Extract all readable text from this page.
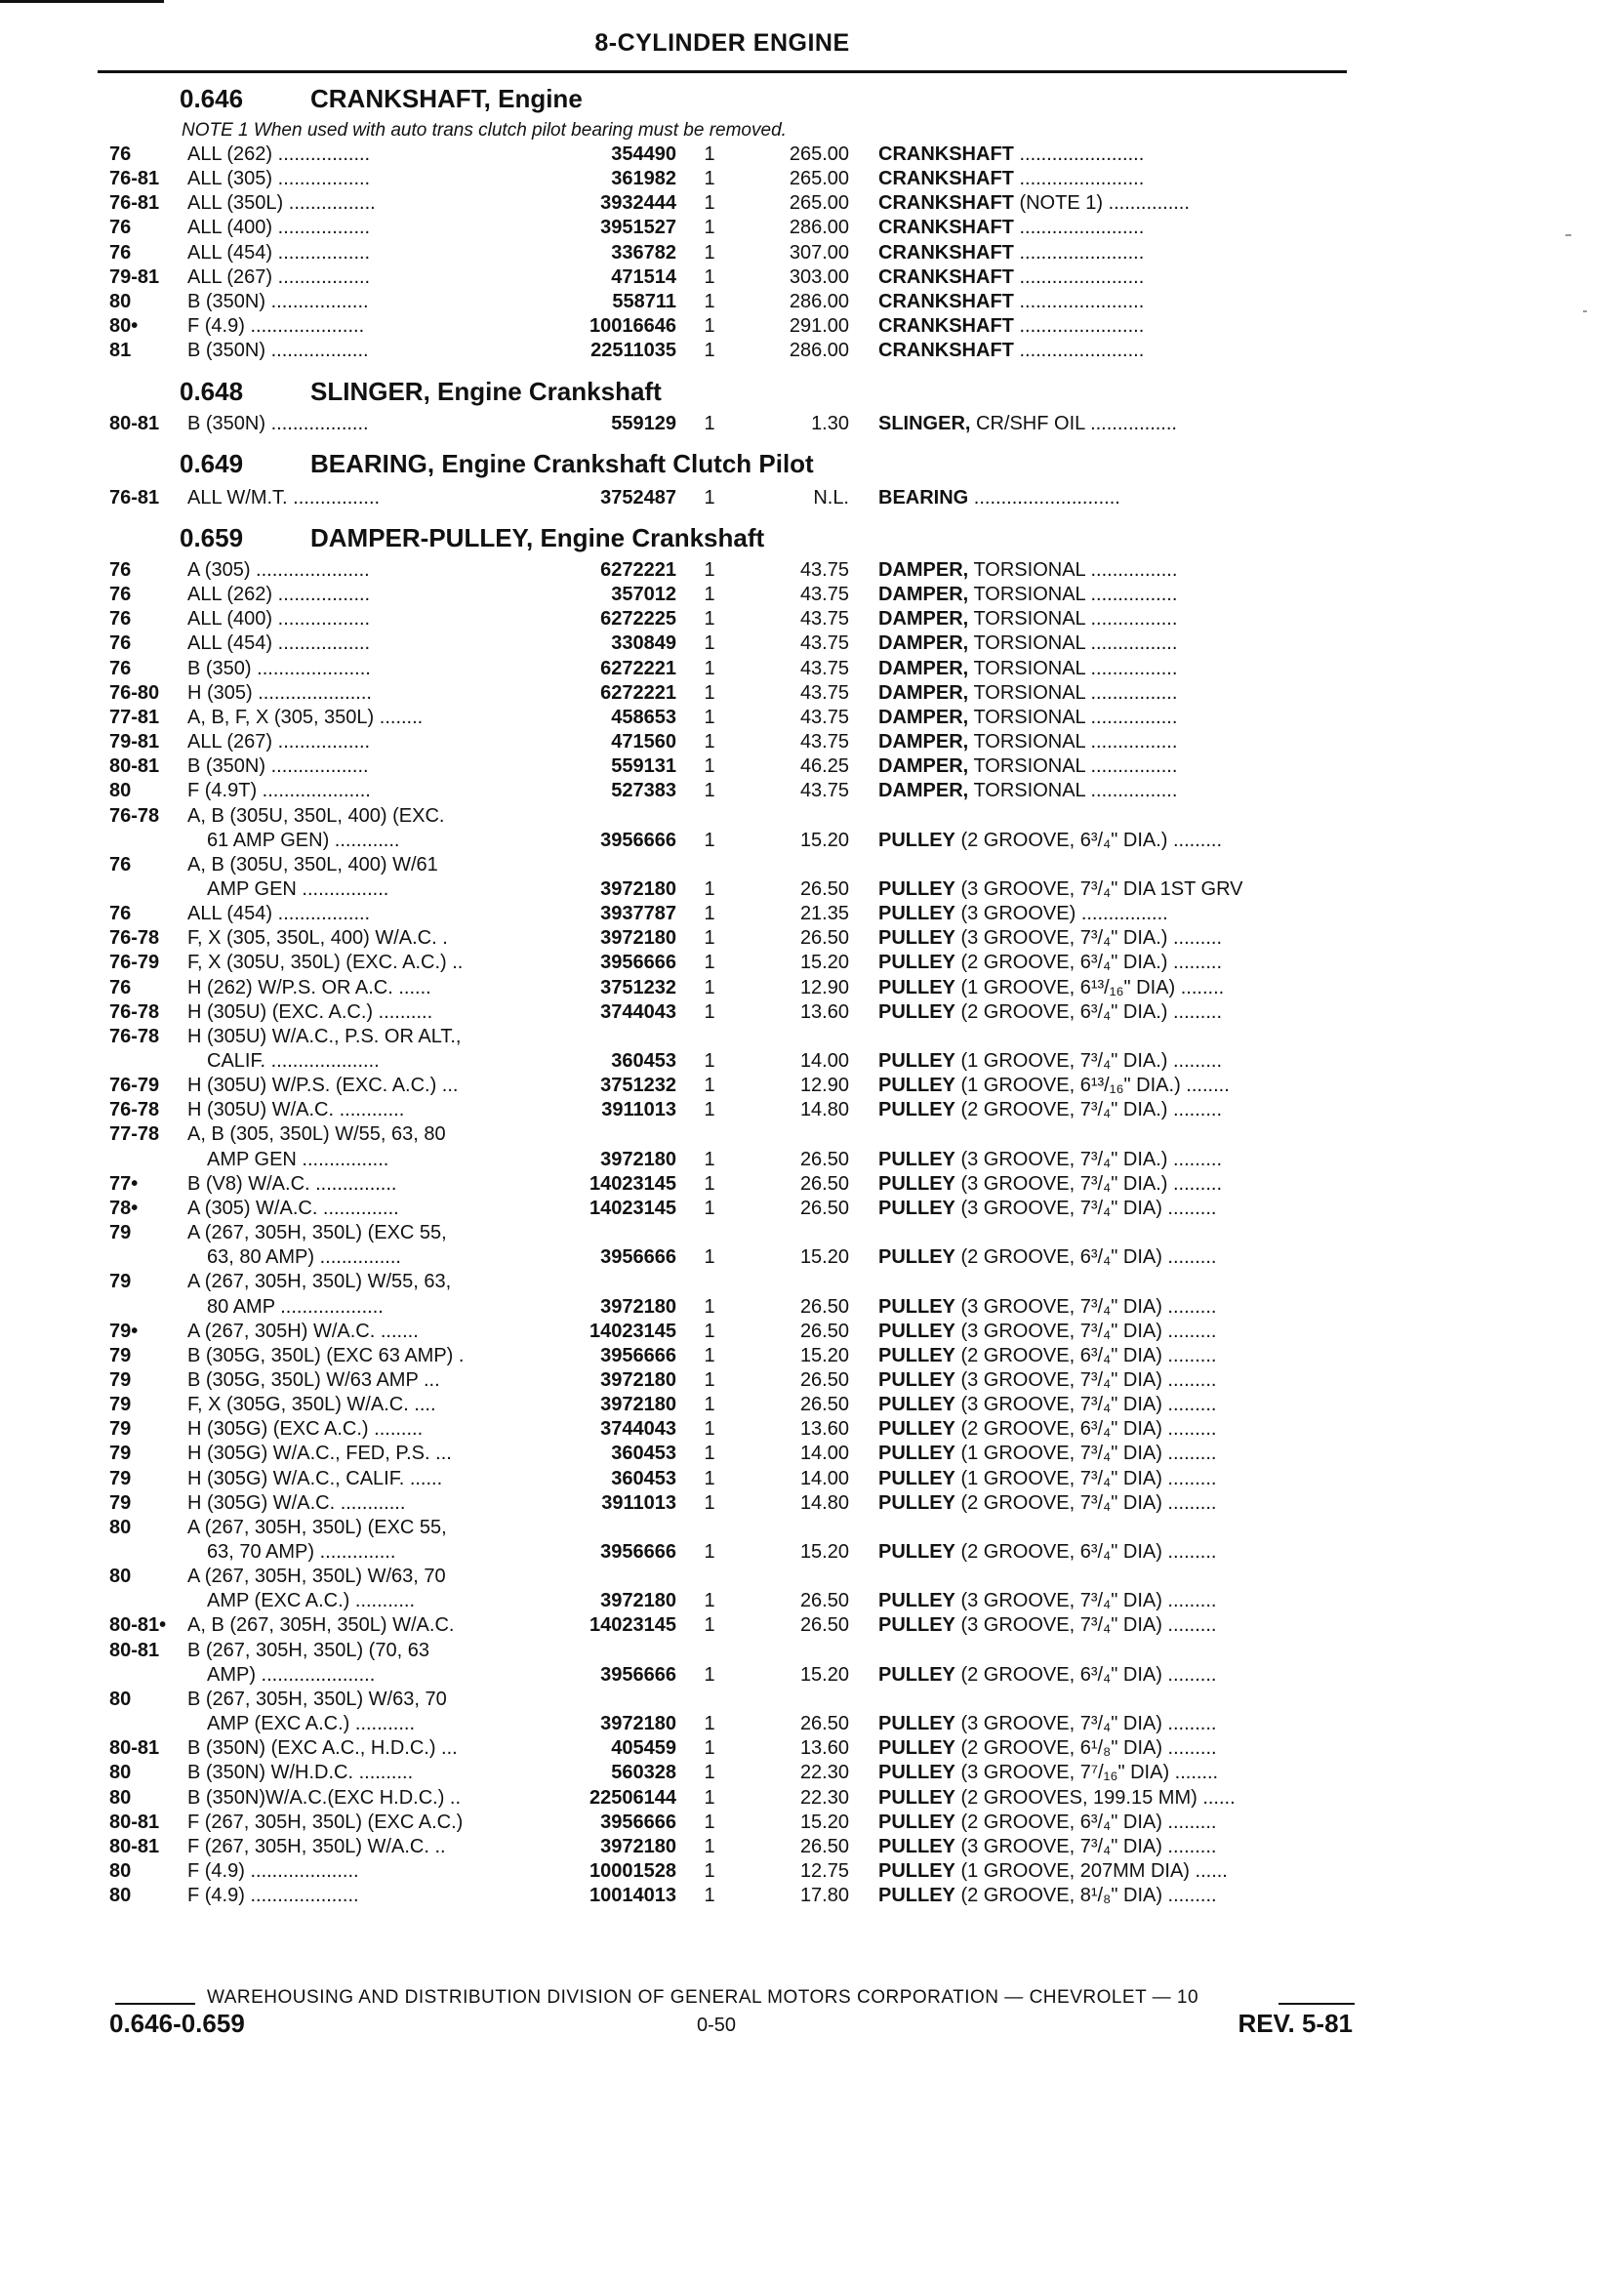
8-CYLINDER ENGINE
0.646	CRANKSHAFT, Engine
NOTE 1 When used with auto trans clutch pilot bearing must be removed.
76	ALL (262) .................	354490	1	265.00 CRANKSHAFT .......................
76-81 ALL (305) .................	361982	1	265.00 CRANKSHAFT .......................
76-81 ALL (350L) ................	3932444	1	265.00 CRANKSHAFT (NOTE 1) ...............
76	ALL (400) .................	3951527	1	286.00 CRANKSHAFT .......................
76	ALL (454) .................	336782	1	307.00 CRANKSHAFT .......................
79-81 ALL (267) .................	471514	1	303.00 CRANKSHAFT .......................
80	B (350N) ..................	558711	1	286.00 CRANKSHAFT .......................
80•	F (4.9) .....................	10016646	1	291.00 CRANKSHAFT .......................
81	B (350N) ..................	22511035	1	286.00 CRANKSHAFT .......................
0.648	SLINGER, Engine Crankshaft
80-81 B (350N) ..................	559129	1	1.30 SLINGER, CR/SHF OIL ................
0.649	BEARING, Engine Crankshaft Clutch Pilot
76-81 ALL W/M.T. ................	3752487	1	N.L. BEARING ...........................
0.659	DAMPER-PULLEY, Engine Crankshaft
76	A (305) .....................	6272221	1	43.75 DAMPER, TORSIONAL ................
76	ALL (262) .................	357012	1	43.75 DAMPER, TORSIONAL ................
76	ALL (400) .................	6272225	1	43.75 DAMPER, TORSIONAL ................
76	ALL (454) .................	330849	1	43.75 DAMPER, TORSIONAL ................
76	B (350) .....................	6272221	1	43.75 DAMPER, TORSIONAL ................
76-80 H (305) .....................	6272221	1	43.75 DAMPER, TORSIONAL ................
77-81 A, B, F, X (305, 350L) ........	458653	1	43.75 DAMPER, TORSIONAL ................
79-81 ALL (267) .................	471560	1	43.75 DAMPER, TORSIONAL ................
80-81 B (350N) ..................	559131	1	46.25 DAMPER, TORSIONAL ................
80	F (4.9T) ....................	527383	1	43.75 DAMPER, TORSIONAL ................
76-78 A, B (305U, 350L, 400) (EXC.
61 AMP GEN) ............	3956666	1	15.20 PULLEY (2 GROOVE, 6³/₄" DIA.) .........
76	A, B (305U, 350L, 400) W/61
AMP GEN ................	3972180	1	26.50 PULLEY (3 GROOVE, 7³/₄" DIA 1ST GRV
76	ALL (454) .................	3937787	1	21.35 PULLEY (3 GROOVE) ................
76-78 F, X (305, 350L, 400) W/A.C. .	3972180	1	26.50 PULLEY (3 GROOVE, 7³/₄" DIA.) .........
76-79 F, X (305U, 350L) (EXC. A.C.) ..	3956666	1	15.20 PULLEY (2 GROOVE, 6³/₄" DIA.) .........
76	H (262) W/P.S. OR A.C. ......	3751232	1	12.90 PULLEY (1 GROOVE, 6¹³/₁₆" DIA) ........
76-78 H (305U) (EXC. A.C.) ..........	3744043	1	13.60 PULLEY (2 GROOVE, 6³/₄" DIA.) .........
76-78 H (305U) W/A.C., P.S. OR ALT.,
CALIF. ....................	360453	1	14.00 PULLEY (1 GROOVE, 7³/₄" DIA.) .........
76-79 H (305U) W/P.S. (EXC. A.C.) ...	3751232	1	12.90 PULLEY (1 GROOVE, 6¹³/₁₆" DIA.) ........
76-78 H (305U) W/A.C. ............	3911013	1	14.80 PULLEY (2 GROOVE, 7³/₄" DIA.) .........
77-78 A, B (305, 350L) W/55, 63, 80
AMP GEN ................	3972180	1	26.50 PULLEY (3 GROOVE, 7³/₄" DIA.) .........
77•	B (V8) W/A.C. ...............	14023145	1	26.50 PULLEY (3 GROOVE, 7³/₄" DIA.) .........
78•	A (305) W/A.C. ..............	14023145	1	26.50 PULLEY (3 GROOVE, 7³/₄" DIA) .........
79	A (267, 305H, 350L) (EXC 55,
63, 80 AMP) ...............	3956666	1	15.20 PULLEY (2 GROOVE, 6³/₄" DIA) .........
79	A (267, 305H, 350L) W/55, 63,
80 AMP ...................	3972180	1	26.50 PULLEY (3 GROOVE, 7³/₄" DIA) .........
79•	A (267, 305H) W/A.C. .......	14023145	1	26.50 PULLEY (3 GROOVE, 7³/₄" DIA) .........
79	B (305G, 350L) (EXC 63 AMP) .	3956666	1	15.20 PULLEY (2 GROOVE, 6³/₄" DIA) .........
79	B (305G, 350L) W/63 AMP ...	3972180	1	26.50 PULLEY (3 GROOVE, 7³/₄" DIA) .........
79	F, X (305G, 350L) W/A.C. ....	3972180	1	26.50 PULLEY (3 GROOVE, 7³/₄" DIA) .........
79	H (305G) (EXC A.C.) .........	3744043	1	13.60 PULLEY (2 GROOVE, 6³/₄" DIA) .........
79	H (305G) W/A.C., FED, P.S. ...	360453	1	14.00 PULLEY (1 GROOVE, 7³/₄" DIA) .........
79	H (305G) W/A.C., CALIF. ......	360453	1	14.00 PULLEY (1 GROOVE, 7³/₄" DIA) .........
79	H (305G) W/A.C. ............	3911013	1	14.80 PULLEY (2 GROOVE, 7³/₄" DIA) .........
80	A (267, 305H, 350L) (EXC 55,
63, 70 AMP) ..............	3956666	1	15.20 PULLEY (2 GROOVE, 6³/₄" DIA) .........
80	A (267, 305H, 350L) W/63, 70
AMP (EXC A.C.) ...........	3972180	1	26.50 PULLEY (3 GROOVE, 7³/₄" DIA) .........
80-81• A, B (267, 305H, 350L) W/A.C.	14023145	1	26.50 PULLEY (3 GROOVE, 7³/₄" DIA) .........
80-81 B (267, 305H, 350L) (70, 63
AMP) .....................	3956666	1	15.20 PULLEY (2 GROOVE, 6³/₄" DIA) .........
80	B (267, 305H, 350L) W/63, 70
AMP (EXC A.C.) ...........	3972180	1	26.50 PULLEY (3 GROOVE, 7³/₄" DIA) .........
80-81 B (350N) (EXC A.C., H.D.C.) ...	405459	1	13.60 PULLEY (2 GROOVE, 6¹/₈" DIA) .........
80	B (350N) W/H.D.C. ..........	560328	1	22.30 PULLEY (3 GROOVE, 7⁷/₁₆" DIA) ........
80	B (350N)W/A.C.(EXC H.D.C.) ..	22506144	1	22.30 PULLEY (2 GROOVES, 199.15 MM) ......
80-81 F (267, 305H, 350L) (EXC A.C.)	3956666	1	15.20 PULLEY (2 GROOVE, 6³/₄" DIA) .........
80-81 F (267, 305H, 350L) W/A.C. ..	3972180	1	26.50 PULLEY (3 GROOVE, 7³/₄" DIA) .........
80	F (4.9) ....................	10001528	1	12.75 PULLEY (1 GROOVE, 207MM DIA) ......
80	F (4.9) ....................	10014013	1	17.80 PULLEY (2 GROOVE, 8¹/₈" DIA) .........
WAREHOUSING AND DISTRIBUTION DIVISION OF GENERAL MOTORS CORPORATION — CHEVROLET — 10
0.646-0.659	0-50	REV. 5-81
